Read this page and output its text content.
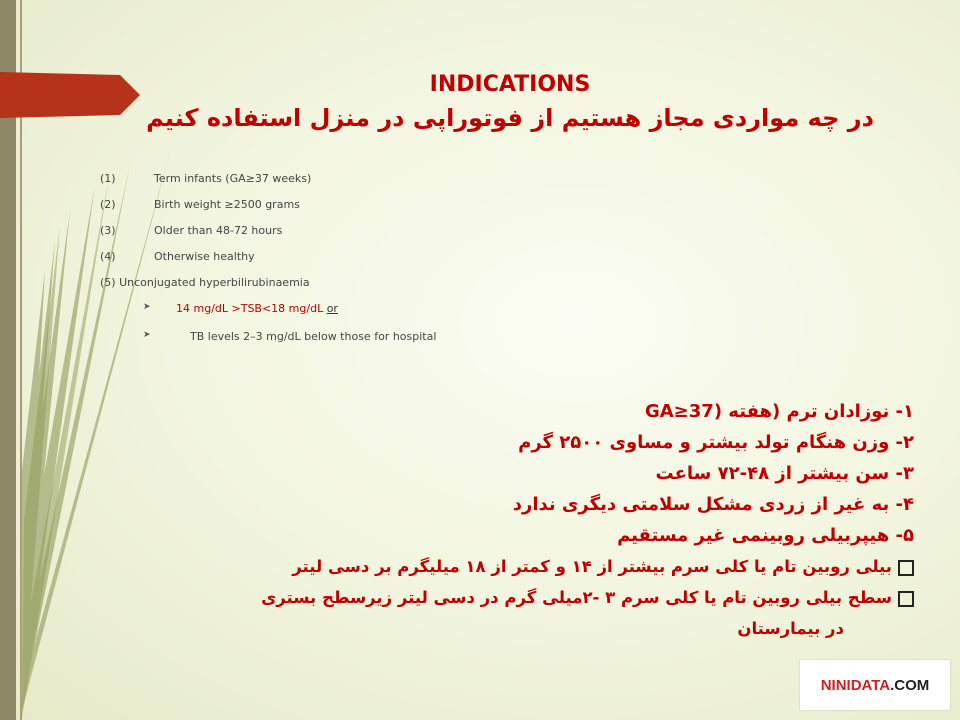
INDICATIONS
در چه مواردی مجاز هستیم از فوتوراپی در منزل استفاده کنیم
(1)	Term infants (GA≥37 weeks)
(2)	Birth weight ≥2500 grams
(3)	Older than 48-72 hours
(4)	Otherwise healthy
(5) Unconjugated hyperbilirubinaemia
➤ 14 mg/dL >TSB<18 mg/dL or
➤	TB levels 2–3 mg/dL below those for hospital
۱- نوزادان ترم (هفته (GA≥37
۲- وزن هنگام تولد بیشتر و مساوی ۲۵۰۰ گرم
۳- سن بیشتر از ۴۸-۷۲ ساعت
۴- به غیر از زردی مشکل سلامتی دیگری ندارد
۵- هیپربیلی روبینمی غیر مستقیم
بیلی روبین تام یا کلی سرم بیشتر از ۱۴ و کمتر از ۱۸ میلیگرم بر دسی لیتر
سطح بیلی روبین تام یا کلی سرم ۳ -۲میلی گرم در دسی لیتر زیرسطح بستری
در بیمارستان
NINIDATA .COM
